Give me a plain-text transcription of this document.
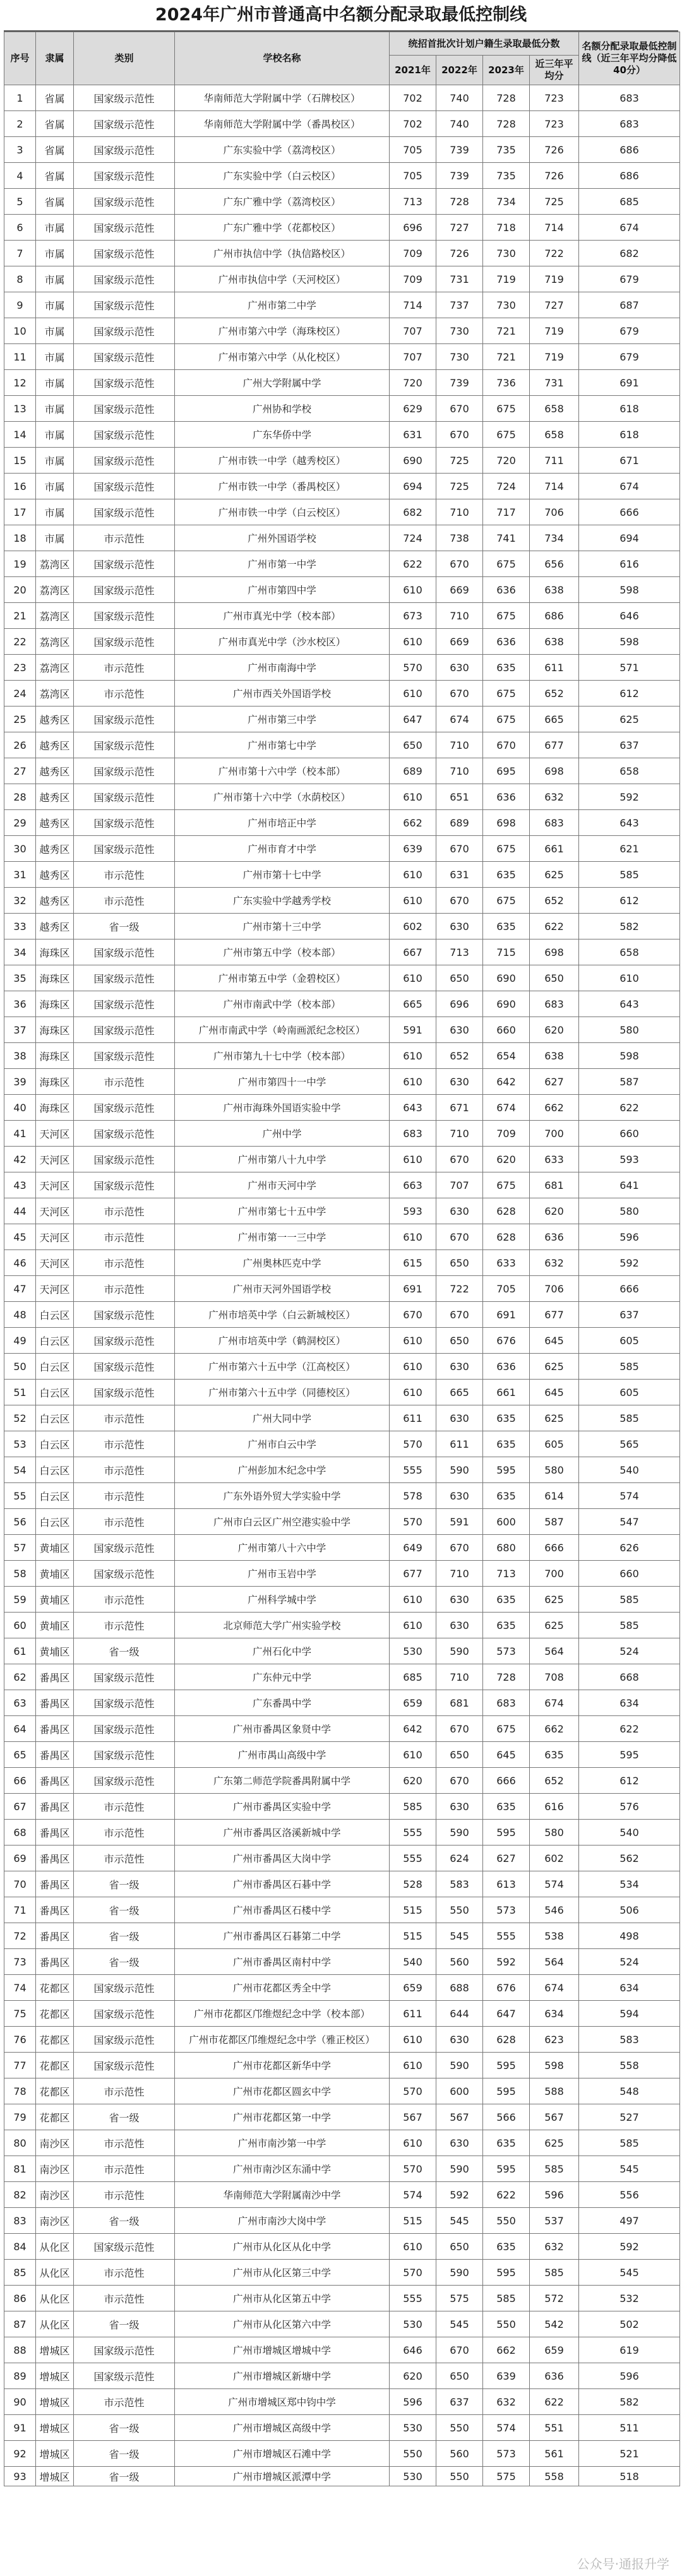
2024年广州市普通高中名额分配录取最低控制线
序号	隶属	类别	学校名称	统招首批次计划户籍生录取最低分数				名额分配录取最低控制线（近三年平均分降低40分）
				2021年	2022年	2023年	近三年平均分	
1	省属	国家级示范性	华南师范大学附属中学（石牌校区）	702	740	728	723	683
2	省属	国家级示范性	华南师范大学附属中学（番禺校区）	702	740	728	723	683
3	省属	国家级示范性	广东实验中学（荔湾校区）	705	739	735	726	686
4	省属	国家级示范性	广东实验中学（白云校区）	705	739	735	726	686
5	省属	国家级示范性	广东广雅中学（荔湾校区）	713	728	734	725	685
6	市属	国家级示范性	广东广雅中学（花都校区）	696	727	718	714	674
7	市属	国家级示范性	广州市执信中学（执信路校区）	709	726	730	722	682
8	市属	国家级示范性	广州市执信中学（天河校区）	709	731	719	719	679
9	市属	国家级示范性	广州市第二中学	714	737	730	727	687
10	市属	国家级示范性	广州市第六中学（海珠校区）	707	730	721	719	679
11	市属	国家级示范性	广州市第六中学（从化校区）	707	730	721	719	679
12	市属	国家级示范性	广州大学附属中学	720	739	736	731	691
13	市属	国家级示范性	广州协和学校	629	670	675	658	618
14	市属	国家级示范性	广东华侨中学	631	670	675	658	618
15	市属	国家级示范性	广州市铁一中学（越秀校区）	690	725	720	711	671
16	市属	国家级示范性	广州市铁一中学（番禺校区）	694	725	724	714	674
17	市属	国家级示范性	广州市铁一中学（白云校区）	682	710	717	706	666
18	市属	市示范性	广州外国语学校	724	738	741	734	694
19	荔湾区	国家级示范性	广州市第一中学	622	670	675	656	616
20	荔湾区	国家级示范性	广州市第四中学	610	669	636	638	598
21	荔湾区	国家级示范性	广州市真光中学（校本部）	673	710	675	686	646
22	荔湾区	国家级示范性	广州市真光中学（沙水校区）	610	669	636	638	598
23	荔湾区	市示范性	广州市南海中学	570	630	635	611	571
24	荔湾区	市示范性	广州市西关外国语学校	610	670	675	652	612
25	越秀区	国家级示范性	广州市第三中学	647	674	675	665	625
26	越秀区	国家级示范性	广州市第七中学	650	710	670	677	637
27	越秀区	国家级示范性	广州市第十六中学（校本部）	689	710	695	698	658
28	越秀区	国家级示范性	广州市第十六中学（水荫校区）	610	651	636	632	592
29	越秀区	国家级示范性	广州市培正中学	662	689	698	683	643
30	越秀区	国家级示范性	广州市育才中学	639	670	675	661	621
31	越秀区	市示范性	广州市第十七中学	610	631	635	625	585
32	越秀区	市示范性	广东实验中学越秀学校	610	670	675	652	612
33	越秀区	省一级	广州市第十三中学	602	630	635	622	582
34	海珠区	国家级示范性	广州市第五中学（校本部）	667	713	715	698	658
35	海珠区	国家级示范性	广州市第五中学（金碧校区）	610	650	690	650	610
36	海珠区	国家级示范性	广州市南武中学（校本部）	665	696	690	683	643
37	海珠区	国家级示范性	广州市南武中学（岭南画派纪念校区）	591	630	660	620	580
38	海珠区	国家级示范性	广州市第九十七中学（校本部）	610	652	654	638	598
39	海珠区	市示范性	广州市第四十一中学	610	630	642	627	587
40	海珠区	国家级示范性	广州市海珠外国语实验中学	643	671	674	662	622
41	天河区	国家级示范性	广州中学	683	710	709	700	660
42	天河区	国家级示范性	广州市第八十九中学	610	670	620	633	593
43	天河区	国家级示范性	广州市天河中学	663	707	675	681	641
44	天河区	市示范性	广州市第七十五中学	593	630	628	620	580
45	天河区	市示范性	广州市第一一三中学	610	670	628	636	596
46	天河区	市示范性	广州奥林匹克中学	615	650	633	632	592
47	天河区	市示范性	广州市天河外国语学校	691	722	705	706	666
48	白云区	国家级示范性	广州市培英中学（白云新城校区）	670	670	691	677	637
49	白云区	国家级示范性	广州市培英中学（鹤洞校区）	610	650	676	645	605
50	白云区	国家级示范性	广州市第六十五中学（江高校区）	610	630	636	625	585
51	白云区	国家级示范性	广州市第六十五中学（同德校区）	610	665	661	645	605
52	白云区	市示范性	广州大同中学	611	630	635	625	585
53	白云区	市示范性	广州市白云中学	570	611	635	605	565
54	白云区	市示范性	广州彭加木纪念中学	555	590	595	580	540
55	白云区	市示范性	广东外语外贸大学实验中学	578	630	635	614	574
56	白云区	市示范性	广州市白云区广州空港实验中学	570	591	600	587	547
57	黄埔区	国家级示范性	广州市第八十六中学	649	670	680	666	626
58	黄埔区	国家级示范性	广州市玉岩中学	677	710	713	700	660
59	黄埔区	市示范性	广州科学城中学	610	630	635	625	585
60	黄埔区	市示范性	北京师范大学广州实验学校	610	630	635	625	585
61	黄埔区	省一级	广州石化中学	530	590	573	564	524
62	番禺区	国家级示范性	广东仲元中学	685	710	728	708	668
63	番禺区	国家级示范性	广东番禺中学	659	681	683	674	634
64	番禺区	国家级示范性	广州市番禺区象贤中学	642	670	675	662	622
65	番禺区	国家级示范性	广州市禺山高级中学	610	650	645	635	595
66	番禺区	国家级示范性	广东第二师范学院番禺附属中学	620	670	666	652	612
67	番禺区	市示范性	广州市番禺区实验中学	585	630	635	616	576
68	番禺区	市示范性	广州市番禺区洛溪新城中学	555	590	595	580	540
69	番禺区	市示范性	广州市番禺区大岗中学	555	624	627	602	562
70	番禺区	省一级	广州市番禺区石碁中学	528	583	613	574	534
71	番禺区	省一级	广州市番禺区石楼中学	515	550	573	546	506
72	番禺区	省一级	广州市番禺区石碁第二中学	515	545	555	538	498
73	番禺区	省一级	广州市番禺区南村中学	540	560	592	564	524
74	花都区	国家级示范性	广州市花都区秀全中学	659	688	676	674	634
75	花都区	国家级示范性	广州市花都区邝维煜纪念中学（校本部）	611	644	647	634	594
76	花都区	国家级示范性	广州市花都区邝维煜纪念中学（雅正校区）	610	630	628	623	583
77	花都区	国家级示范性	广州市花都区新华中学	610	590	595	598	558
78	花都区	市示范性	广州市花都区圆玄中学	570	600	595	588	548
79	花都区	省一级	广州市花都区第一中学	567	567	566	567	527
80	南沙区	市示范性	广州市南沙第一中学	610	630	635	625	585
81	南沙区	市示范性	广州市南沙区东涌中学	570	590	595	585	545
82	南沙区	市示范性	华南师范大学附属南沙中学	574	592	622	596	556
83	南沙区	省一级	广州市南沙大岗中学	515	545	550	537	497
84	从化区	国家级示范性	广州市从化区从化中学	610	650	635	632	592
85	从化区	市示范性	广州市从化区第三中学	570	590	595	585	545
86	从化区	市示范性	广州市从化区第五中学	555	575	585	572	532
87	从化区	省一级	广州市从化区第六中学	530	545	550	542	502
88	增城区	国家级示范性	广州市增城区增城中学	646	670	662	659	619
89	增城区	国家级示范性	广州市增城区新塘中学	620	650	639	636	596
90	增城区	市示范性	广州市增城区郑中钧中学	596	637	632	622	582
91	增城区	省一级	广州市增城区高级中学	530	550	574	551	511
92	增城区	省一级	广州市增城区石滩中学	550	560	573	561	521
93	增城区	省一级	广州市增城区派潭中学	530	550	575	558	518
公众号·通报升学
